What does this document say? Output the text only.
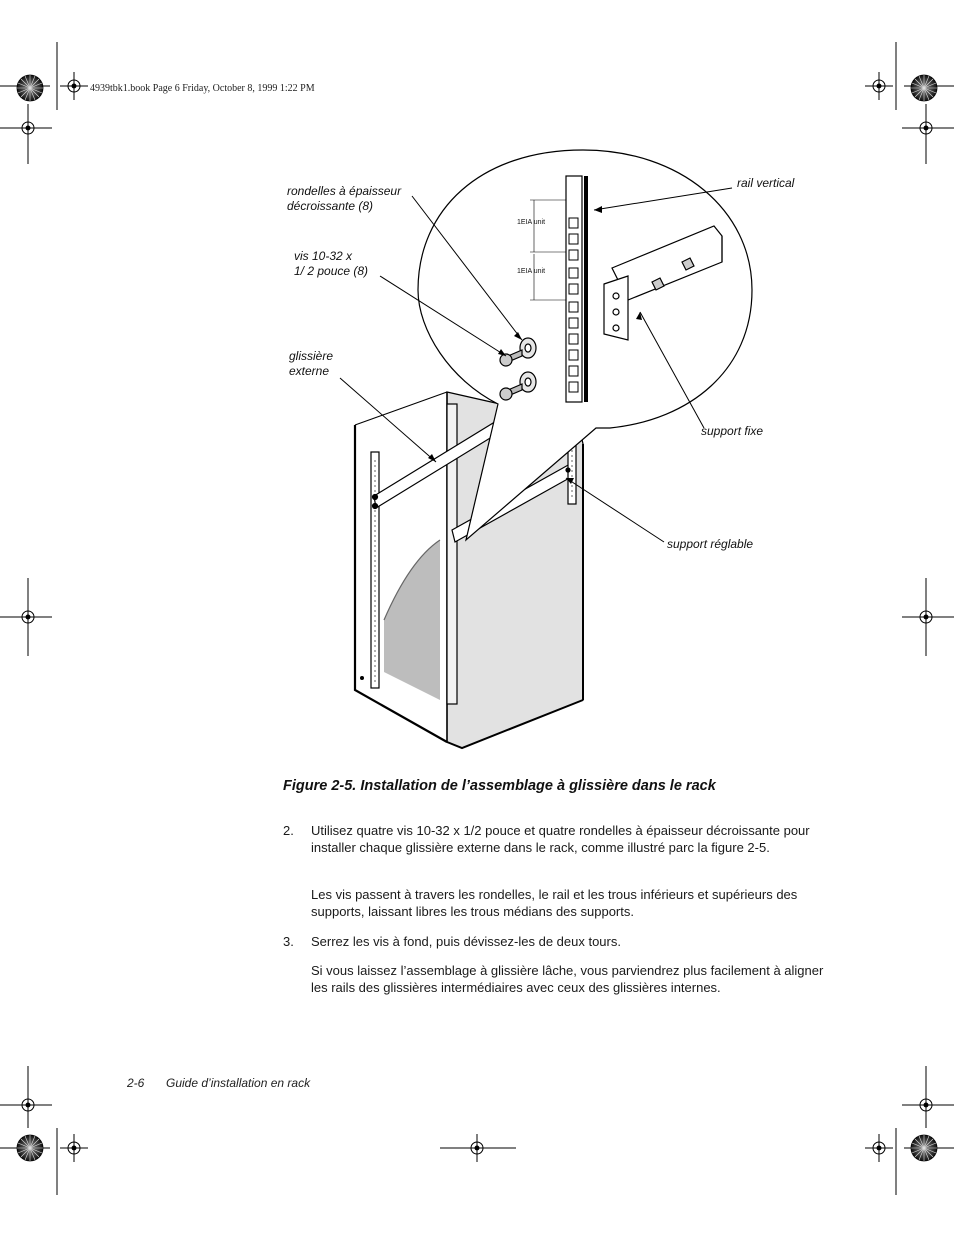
4939tbk1.book Page 6 Friday, October 8, 1999 1:22 PM
rondelles à épaisseur
décroissante (8)
vis 10-32 x
1/ 2 pouce (8)
glissière
externe
rail vertical
support fixe
support réglable
1EIA unit
1EIA unit
Figure 2-5. Installation de l’assemblage à glissière dans le rack
2. Utilisez quatre vis 10-32 x 1/2 pouce et quatre rondelles à épaisseur décroissante pour installer chaque glissière externe dans le rack, comme illustré parc la figure 2-5.
Les vis passent à travers les rondelles, le rail et les trous inférieurs et supérieurs des supports, laissant libres les trous médians des supports.
3. Serrez les vis à fond, puis dévissez-les de deux tours.
Si vous laissez l’assemblage à glissière lâche, vous parviendrez plus facilement à aligner les rails des glissières intermédiaires avec ceux des glissières internes.
2-6 Guide d’installation en rack
